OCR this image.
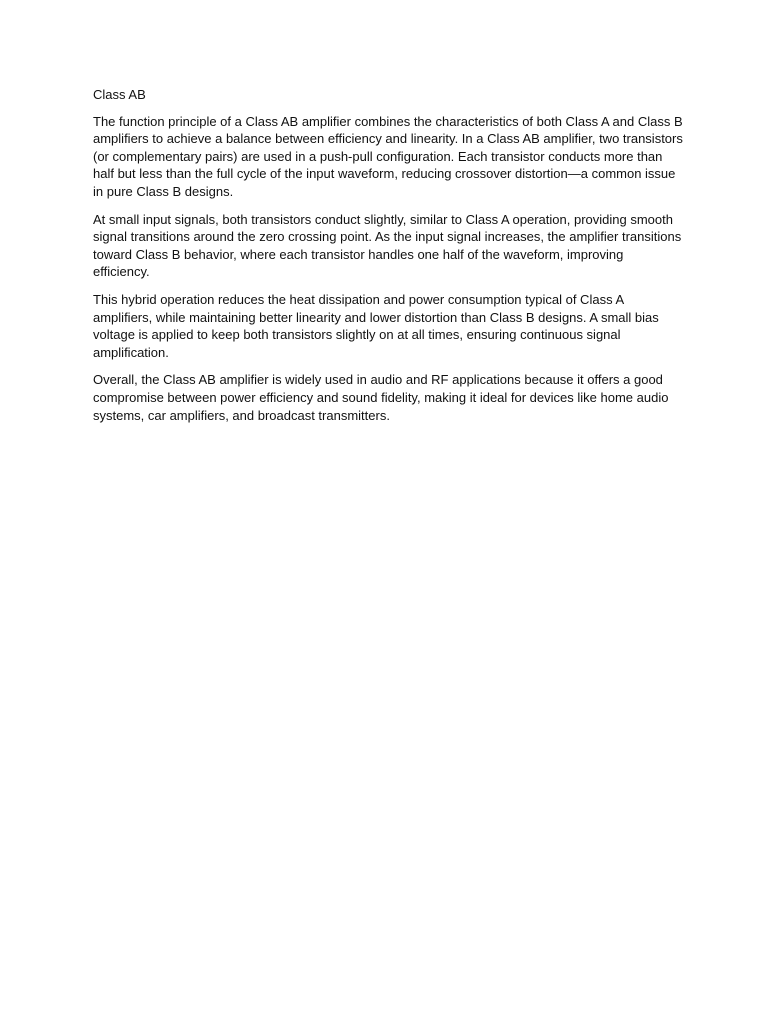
Class AB

The function principle of a Class AB amplifier combines the characteristics of both Class A and Class B amplifiers to achieve a balance between efficiency and linearity. In a Class AB amplifier, two transistors (or complementary pairs) are used in a push-pull configuration. Each transistor conducts more than half but less than the full cycle of the input waveform, reducing crossover distortion—a common issue in pure Class B designs.

At small input signals, both transistors conduct slightly, similar to Class A operation, providing smooth signal transitions around the zero crossing point. As the input signal increases, the amplifier transitions toward Class B behavior, where each transistor handles one half of the waveform, improving efficiency.

This hybrid operation reduces the heat dissipation and power consumption typical of Class A amplifiers, while maintaining better linearity and lower distortion than Class B designs. A small bias voltage is applied to keep both transistors slightly on at all times, ensuring continuous signal amplification.

Overall, the Class AB amplifier is widely used in audio and RF applications because it offers a good compromise between power efficiency and sound fidelity, making it ideal for devices like home audio systems, car amplifiers, and broadcast transmitters.
